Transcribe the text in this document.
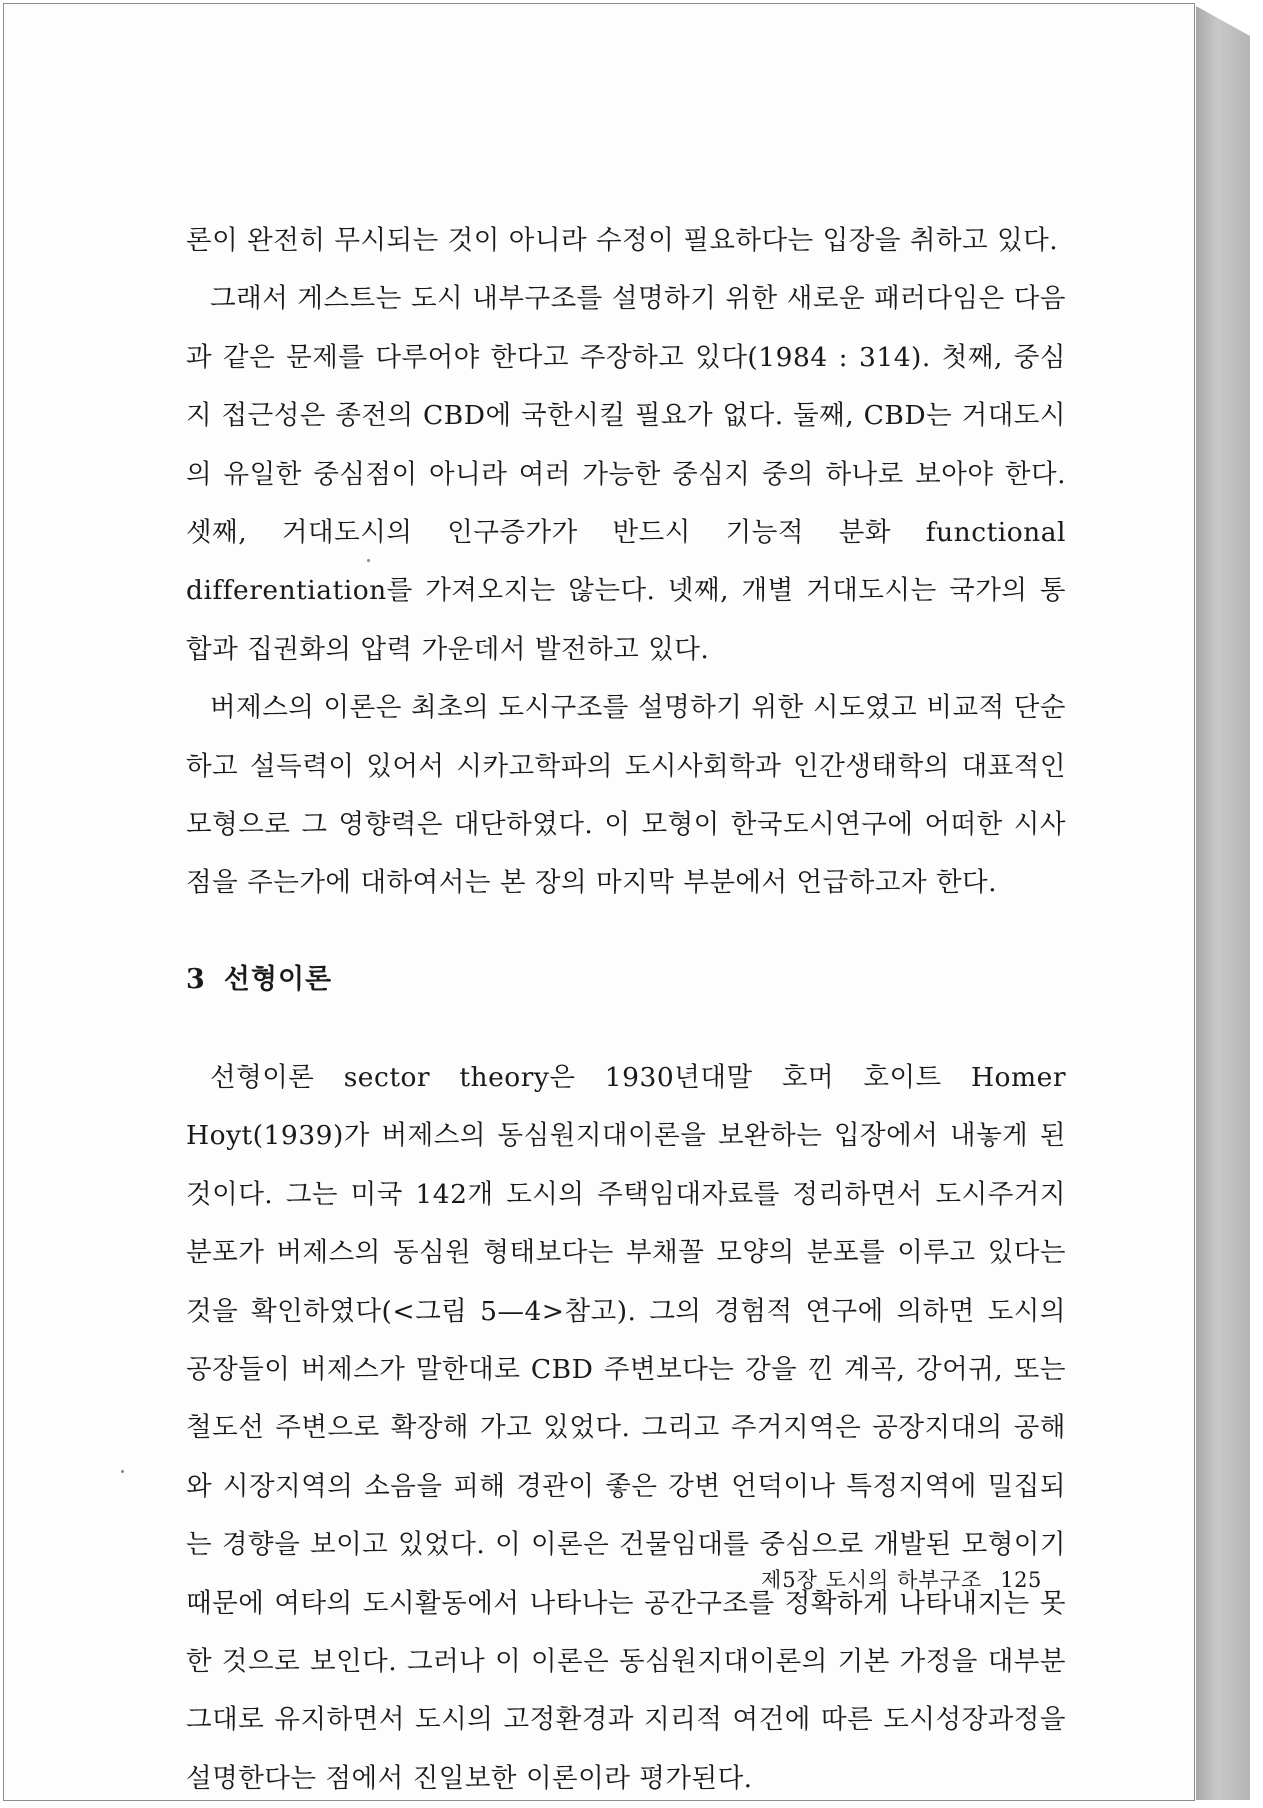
론이 완전히 무시되는 것이 아니라 수정이 필요하다는 입장을 취하고 있다.

그래서 게스트는 도시 내부구조를 설명하기 위한 새로운 패러다임은 다음과 같은 문제를 다루어야 한다고 주장하고 있다(1984 : 314). 첫째, 중심지 접근성은 종전의 CBD에 국한시킬 필요가 없다. 둘째, CBD는 거대도시의 유일한 중심점이 아니라 여러 가능한 중심지 중의 하나로 보아야 한다. 셋째, 거대도시의 인구증가가 반드시 기능적 분화 functional differentiation를 가져오지는 않는다. 넷째, 개별 거대도시는 국가의 통합과 집권화의 압력 가운데서 발전하고 있다.

버제스의 이론은 최초의 도시구조를 설명하기 위한 시도였고 비교적 단순하고 설득력이 있어서 시카고학파의 도시사회학과 인간생태학의 대표적인 모형으로 그 영향력은 대단하였다. 이 모형이 한국도시연구에 어떠한 시사점을 주는가에 대하여서는 본 장의 마지막 부분에서 언급하고자 한다.

3 선형이론

선형이론 sector theory은 1930년대말 호머 호이트 Homer Hoyt(1939)가 버제스의 동심원지대이론을 보완하는 입장에서 내놓게 된 것이다. 그는 미국 142개 도시의 주택임대자료를 정리하면서 도시주거지 분포가 버제스의 동심원 형태보다는 부채꼴 모양의 분포를 이루고 있다는 것을 확인하였다(<그림 5—4>참고). 그의 경험적 연구에 의하면 도시의 공장들이 버제스가 말한대로 CBD 주변보다는 강을 낀 계곡, 강어귀, 또는 철도선 주변으로 확장해 가고 있었다. 그리고 주거지역은 공장지대의 공해와 시장지역의 소음을 피해 경관이 좋은 강변 언덕이나 특정지역에 밀집되는 경향을 보이고 있었다. 이 이론은 건물임대를 중심으로 개발된 모형이기 때문에 여타의 도시활동에서 나타나는 공간구조를 정확하게 나타내지는 못한 것으로 보인다. 그러나 이 이론은 동심원지대이론의 기본 가정을 대부분 그대로 유지하면서 도시의 고정환경과 지리적 여건에 따른 도시성장과정을 설명한다는 점에서 진일보한 이론이라 평가된다.

제5장 도시의 하부구조 125
